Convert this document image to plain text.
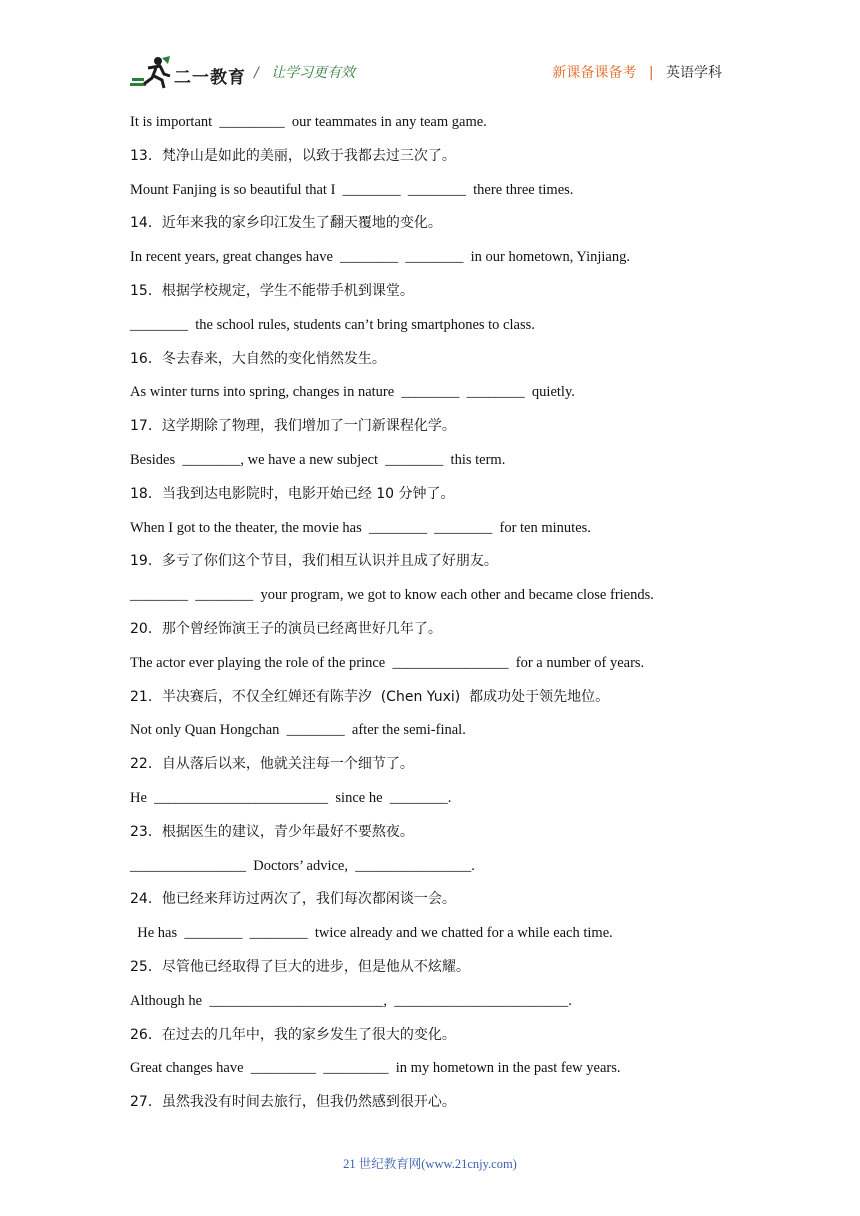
二一教育 / 让学习更有效	新课备课备考 | 英语学科
It is important  _________  our teammates in any team game.
13．梵净山是如此的美丽，以致于我都去过三次了。
Mount Fanjing is so beautiful that I  ________  ________  there three times.
14．近年来我的家乡印江发生了翻天覆地的变化。
In recent years, great changes have  ________  ________  in our hometown, Yinjiang.
15．根据学校规定，学生不能带手机到课堂。
________  the school rules, students can’t bring smartphones to class.
16．冬去春来，大自然的变化悄然发生。
As winter turns into spring, changes in nature  ________  ________  quietly.
17．这学期除了物理，我们增加了一门新课程化学。
Besides  ________, we have a new subject  ________  this term.
18．当我到达电影院时，电影开始已经 10 分钟了。
When I got to the theater, the movie has  ________  ________  for ten minutes.
19．多亏了你们这个节目，我们相互认识并且成了好朋友。
________  ________  your program, we got to know each other and became close friends.
20．那个曾经饰演王子的演员已经离世好几年了。
The actor ever playing the role of the prince  ________________  for a number of years.
21．半决赛后，不仅全红婵还有陈芋汐  (Chen Yuxi)  都成功处于领先地位。
Not only Quan Hongchan  ________  after the semi-final.
22．自从落后以来，他就关注每一个细节了。
He  ________________________  since he  ________.
23．根据医生的建议，青少年最好不要熬夜。
________________  Doctors’ advice,  ________________.
24．他已经来拜访过两次了，我们每次都闲谈一会。
He has  ________  ________  twice already and we chatted for a while each time.
25．尽管他已经取得了巨大的进步，但是他从不炫耀。
Although he  ________________________,  ________________________.
26．在过去的几年中，我的家乡发生了很大的变化。
Great changes have  _________  _________  in my hometown in the past few years.
27．虽然我没有时间去旅行，但我仍然感到很开心。
21 世纪教育网(www.21cnjy.com)
